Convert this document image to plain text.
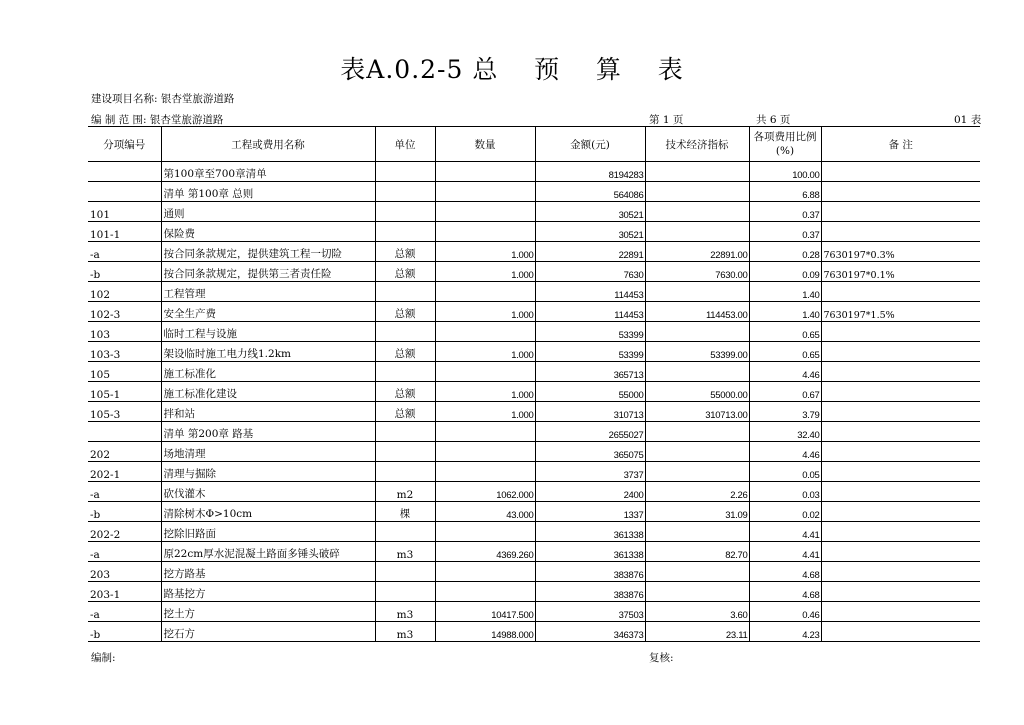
表A.0.2-5 总    预    算    表
建设项目名称: 银杏堂旅游道路
编 制 范 围: 银杏堂旅游道路	第 1 页	共 6 页	01 表
分项编号	工程或费用名称	单位	数量	金额(元)	技术经济指标	各项费用比例(%)	备 注
	第100章至700章清单			8194283		100.00	
	清单 第100章 总则			564086		6.88	
101	通则			30521		0.37	
101-1	保险费			30521		0.37	
-a	按合同条款规定，提供建筑工程一切险	总额	1.000	22891	22891.00	0.28	7630197*0.3%
-b	按合同条款规定，提供第三者责任险	总额	1.000	7630	7630.00	0.09	7630197*0.1%
102	工程管理			114453		1.40	
102-3	安全生产费	总额	1.000	114453	114453.00	1.40	7630197*1.5%
103	临时工程与设施			53399		0.65	
103-3	架设临时施工电力线1.2km	总额	1.000	53399	53399.00	0.65	
105	施工标准化			365713		4.46	
105-1	施工标准化建设	总额	1.000	55000	55000.00	0.67	
105-3	拌和站	总额	1.000	310713	310713.00	3.79	
	清单 第200章 路基			2655027		32.40	
202	场地清理			365075		4.46	
202-1	清理与掘除			3737		0.05	
-a	砍伐灌木	m2	1062.000	2400	2.26	0.03	
-b	清除树木Φ>10cm	棵	43.000	1337	31.09	0.02	
202-2	挖除旧路面			361338		4.41	
-a	原22cm厚水泥混凝土路面多锤头破碎	m3	4369.260	361338	82.70	4.41	
203	挖方路基			383876		4.68	
203-1	路基挖方			383876		4.68	
-a	挖土方	m3	10417.500	37503	3.60	0.46	
-b	挖石方	m3	14988.000	346373	23.11	4.23	
编制:	复核:
